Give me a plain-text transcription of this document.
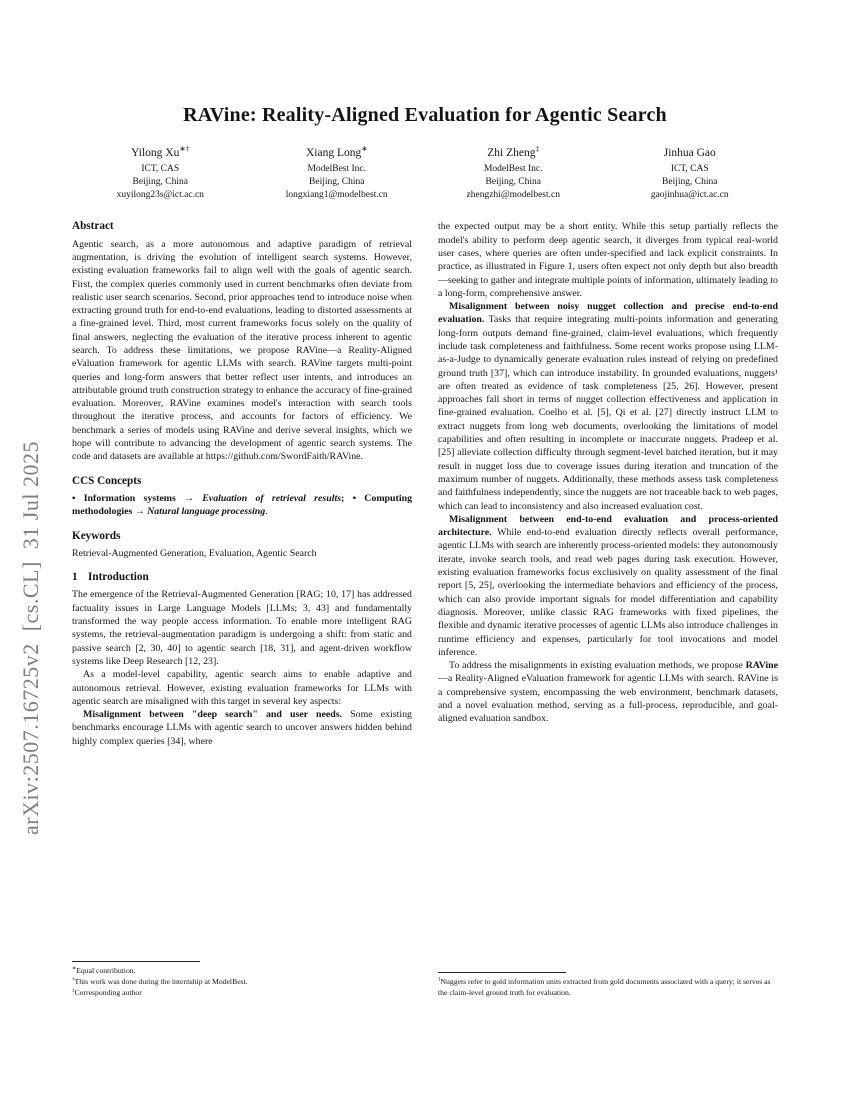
arXiv:2507.16725v2  [cs.CL]  31 Jul 2025
RAVine: Reality-Aligned Evaluation for Agentic Search
Yilong Xu∗†
ICT, CAS
Beijing, China
xuyilong23s@ict.ac.cn
Xiang Long∗
ModelBest Inc.
Beijing, China
longxiang1@modelbest.cn
Zhi Zheng‡
ModelBest Inc.
Beijing, China
zhengzhi@modelbest.cn
Jinhua Gao
ICT, CAS
Beijing, China
gaojinhua@ict.ac.cn
Abstract

Agentic search, as a more autonomous and adaptive paradigm of retrieval augmentation, is driving the evolution of intelligent search systems. However, existing evaluation frameworks fail to align well with the goals of agentic search. First, the complex queries commonly used in current benchmarks often deviate from realistic user search scenarios. Second, prior approaches tend to introduce noise when extracting ground truth for end-to-end evaluations, leading to distorted assessments at a fine-grained level. Third, most current frameworks focus solely on the quality of final answers, neglecting the evaluation of the iterative process inherent to agentic search. To address these limitations, we propose RAVine—a Reality-Aligned eValuation framework for agentic LLMs with search. RAVine targets multi-point queries and long-form answers that better reflect user intents, and introduces an attributable ground truth construction strategy to enhance the accuracy of fine-grained evaluation. Moreover, RAVine examines model's interaction with search tools throughout the iterative process, and accounts for factors of efficiency. We benchmark a series of models using RAVine and derive several insights, which we hope will contribute to advancing the development of agentic search systems. The code and datasets are available at https://github.com/SwordFaith/RAVine.

CCS Concepts

• Information systems → Evaluation of retrieval results; • Computing methodologies → Natural language processing.

Keywords

Retrieval-Augmented Generation, Evaluation, Agentic Search

1 Introduction

The emergence of the Retrieval-Augmented Generation [RAG; 10, 17] has addressed factuality issues in Large Language Models [LLMs; 3, 43] and fundamentally transformed the way people access information. To enable more intelligent RAG systems, the retrieval-augmentation paradigm is undergoing a shift: from static and passive search [2, 30, 40] to agentic search [18, 31], and agent-driven workflow systems like Deep Research [12, 23].

As a model-level capability, agentic search aims to enable adaptive and autonomous retrieval. However, existing evaluation frameworks for LLMs with agentic search are misaligned with this target in several key aspects:

Misalignment between "deep search" and user needs. Some existing benchmarks encourage LLMs with agentic search to uncover answers hidden behind highly complex queries [34], where

∗Equal contribution.
†This work was done during the internship at ModelBest.
‡Corresponding author

the expected output may be a short entity. While this setup partially reflects the model's ability to perform deep agentic search, it diverges from typical real-world user cases, where queries are often under-specified and lack explicit constraints. In practice, as illustrated in Figure 1, users often expect not only depth but also breadth—seeking to gather and integrate multiple points of information, ultimately leading to a long-form, comprehensive answer.

Misalignment between noisy nugget collection and precise end-to-end evaluation. Tasks that require integrating multi-points information and generating long-form outputs demand fine-grained, claim-level evaluations, which frequently include task completeness and faithfulness. Some recent works propose using LLM-as-a-Judge to dynamically generate evaluation rules instead of relying on predefined ground truth [37], which can introduce instability. In grounded evaluations, nuggets¹ are often treated as evidence of task completeness [25, 26]. However, present approaches fall short in terms of nugget collection effectiveness and application in fine-grained evaluation. Coelho et al. [5], Qi et al. [27] directly instruct LLM to extract nuggets from long web documents, overlooking the limitations of model capabilities and often resulting in incomplete or inaccurate nuggets. Pradeep et al. [25] alleviate collection difficulty through segment-level batched iteration, but it may result in nugget loss due to coverage issues during iteration and truncation of the maximum number of nuggets. Additionally, these methods assess task completeness and faithfulness independently, since the nuggets are not traceable back to web pages, which can lead to inconsistency and also increased evaluation cost.

Misalignment between end-to-end evaluation and process-oriented architecture. While end-to-end evaluation directly reflects overall performance, agentic LLMs with search are inherently process-oriented models: they autonomously iterate, invoke search tools, and read web pages during task execution. However, existing evaluation frameworks focus exclusively on quality assessment of the final report [5, 25], overlooking the intermediate behaviors and efficiency of the process, which can also provide important signals for model differentiation and capability diagnosis. Moreover, unlike classic RAG frameworks with fixed pipelines, the flexible and dynamic iterative processes of agentic LLMs also introduce challenges in runtime efficiency and expenses, particularly for tool invocations and model inference.

To address the misalignments in existing evaluation methods, we propose RAVine—a Reality-Aligned eValuation framework for agentic LLMs with search. RAVine is a comprehensive system, encompassing the web environment, benchmark datasets, and a novel evaluation method, serving as a full-process, reproducible, and goal-aligned evaluation sandbox.

$^1$Nuggets refer to gold information units extracted from gold documents associated with a query; it serves as the claim-level ground truth for evaluation.
